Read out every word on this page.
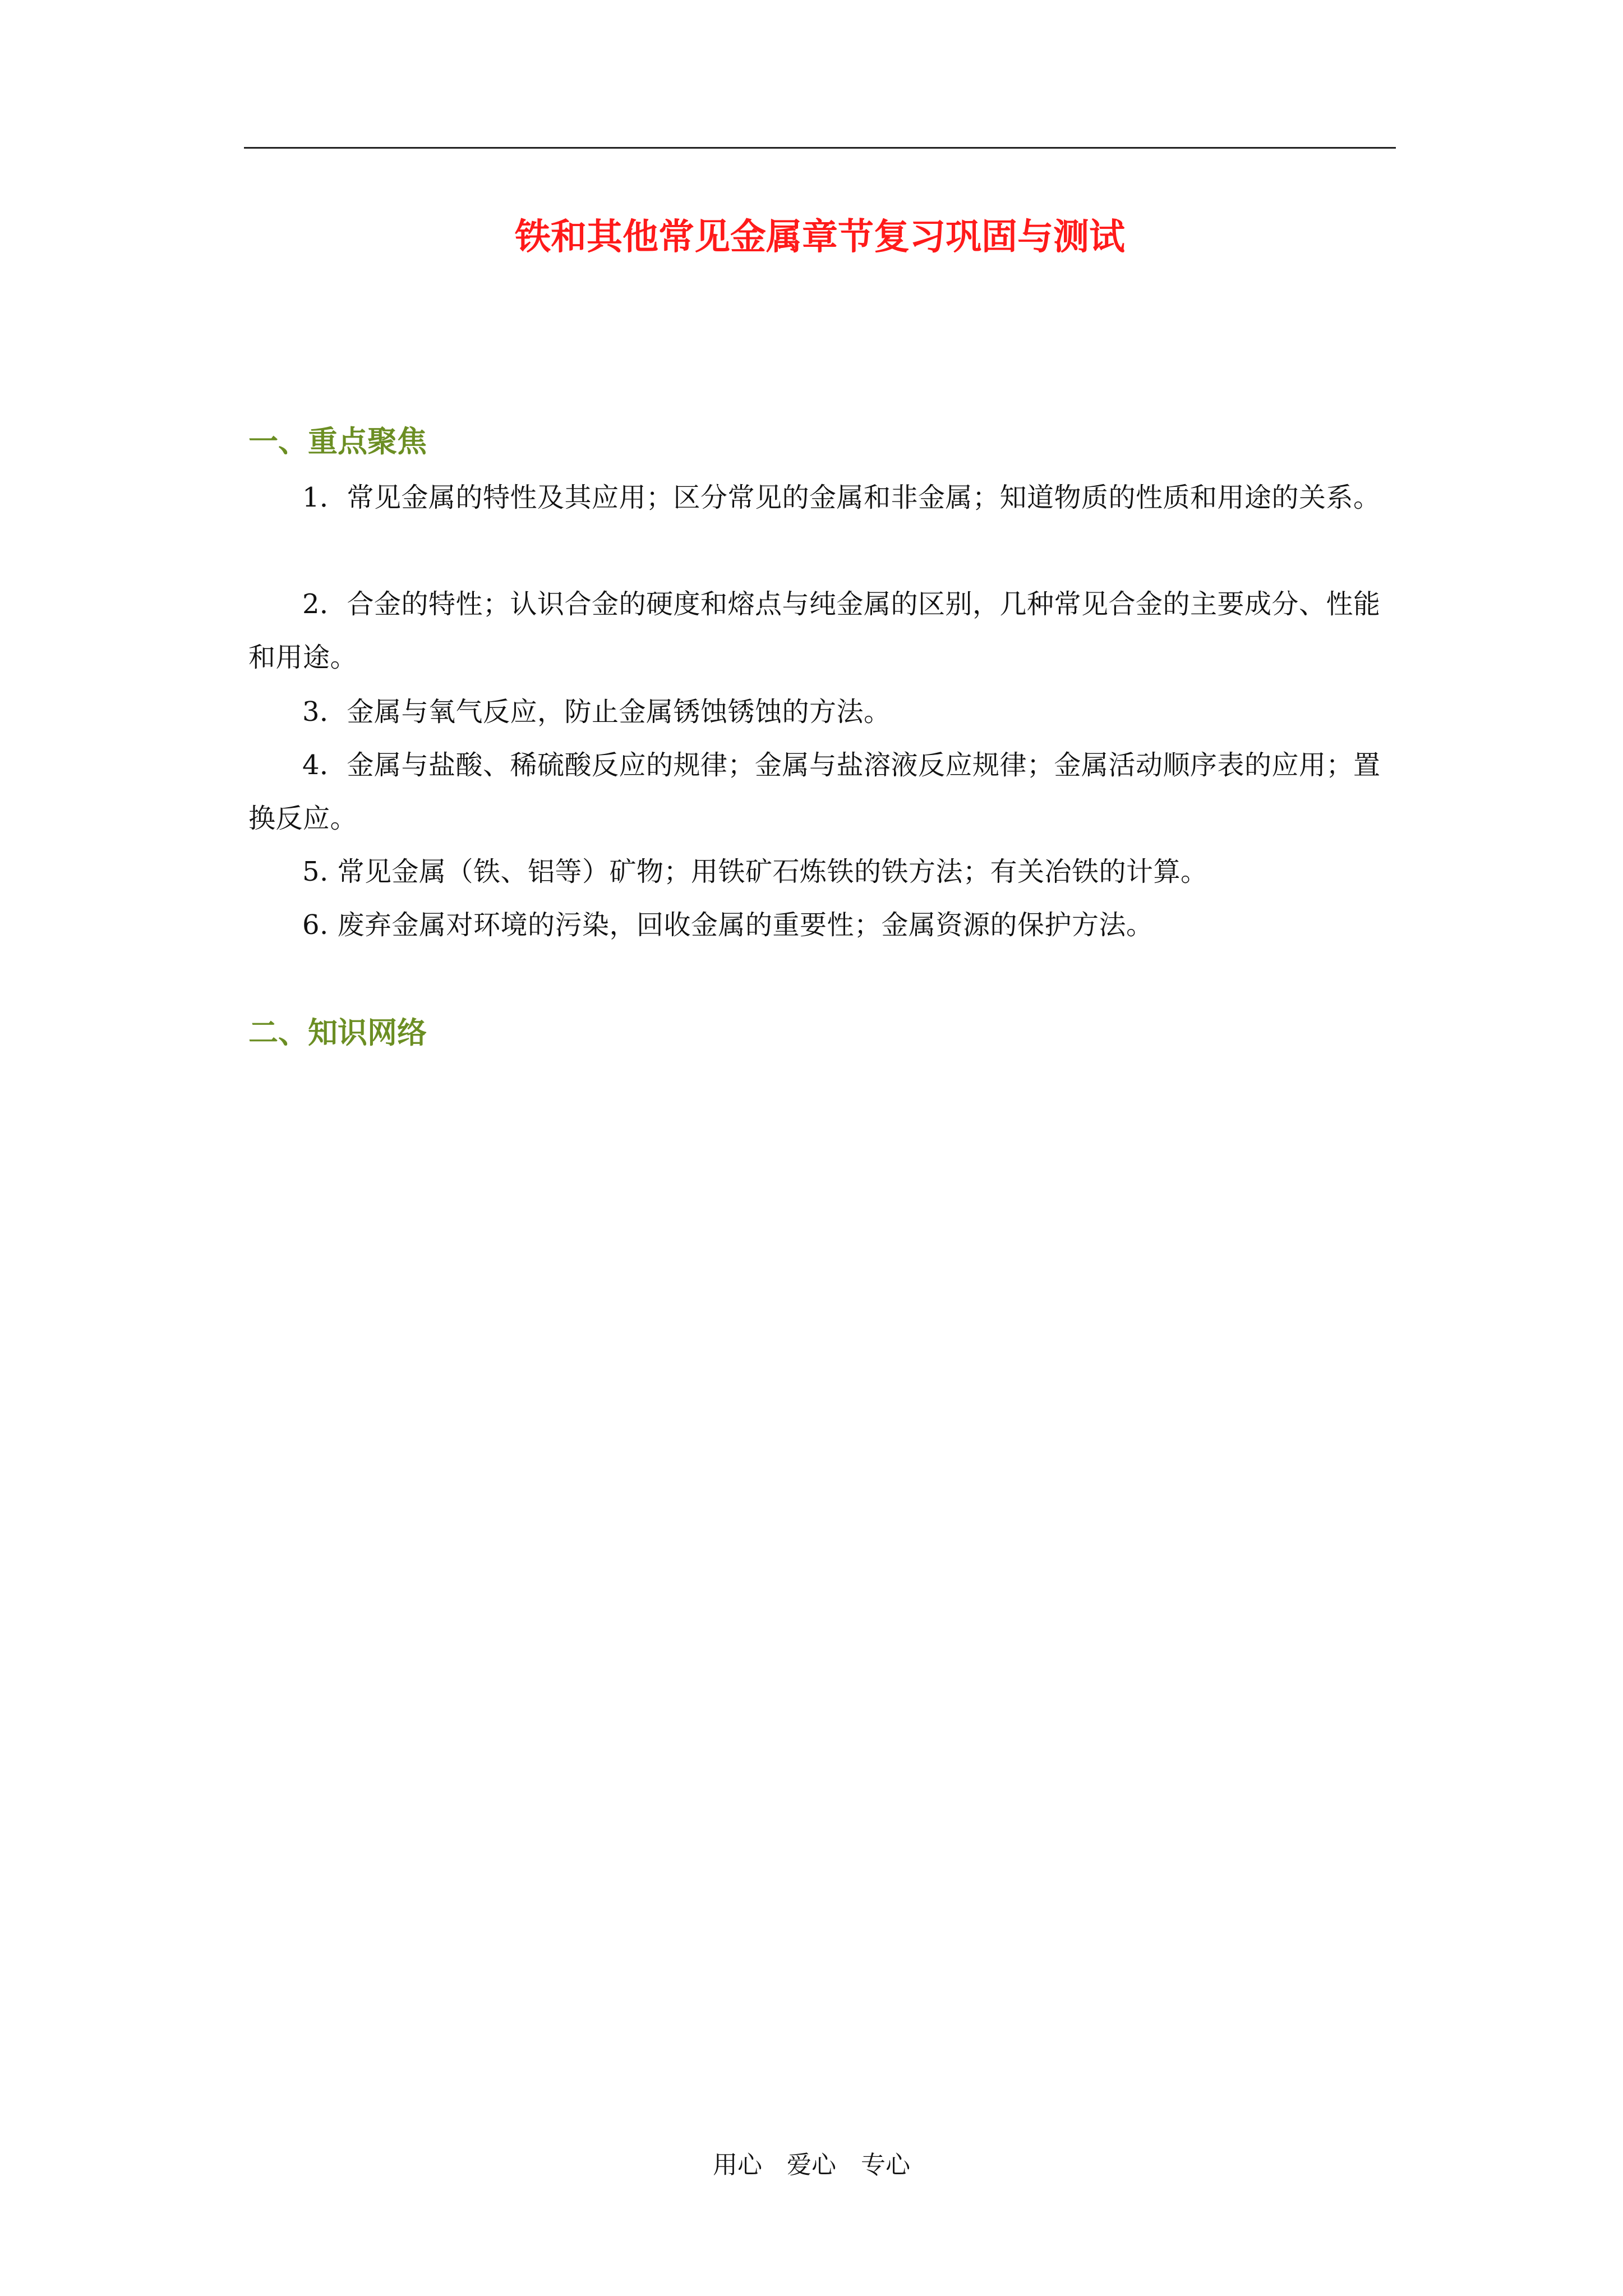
铁和其他常见金属章节复习巩固与测试
一、重点聚焦
1．常见金属的特性及其应用；区分常见的金属和非金属；知道物质的性质和用途的关系。
2．合金的特性；认识合金的硬度和熔点与纯金属的区别，几种常见合金的主要成分、性能和用途。
3．金属与氧气反应，防止金属锈蚀锈蚀的方法。
4．金属与盐酸、稀硫酸反应的规律；金属与盐溶液反应规律；金属活动顺序表的应用；置换反应。
5. 常见金属（铁、铝等）矿物；用铁矿石炼铁的铁方法；有关冶铁的计算。
6. 废弃金属对环境的污染，回收金属的重要性；金属资源的保护方法。
二、知识网络
用心　爱心　专心
